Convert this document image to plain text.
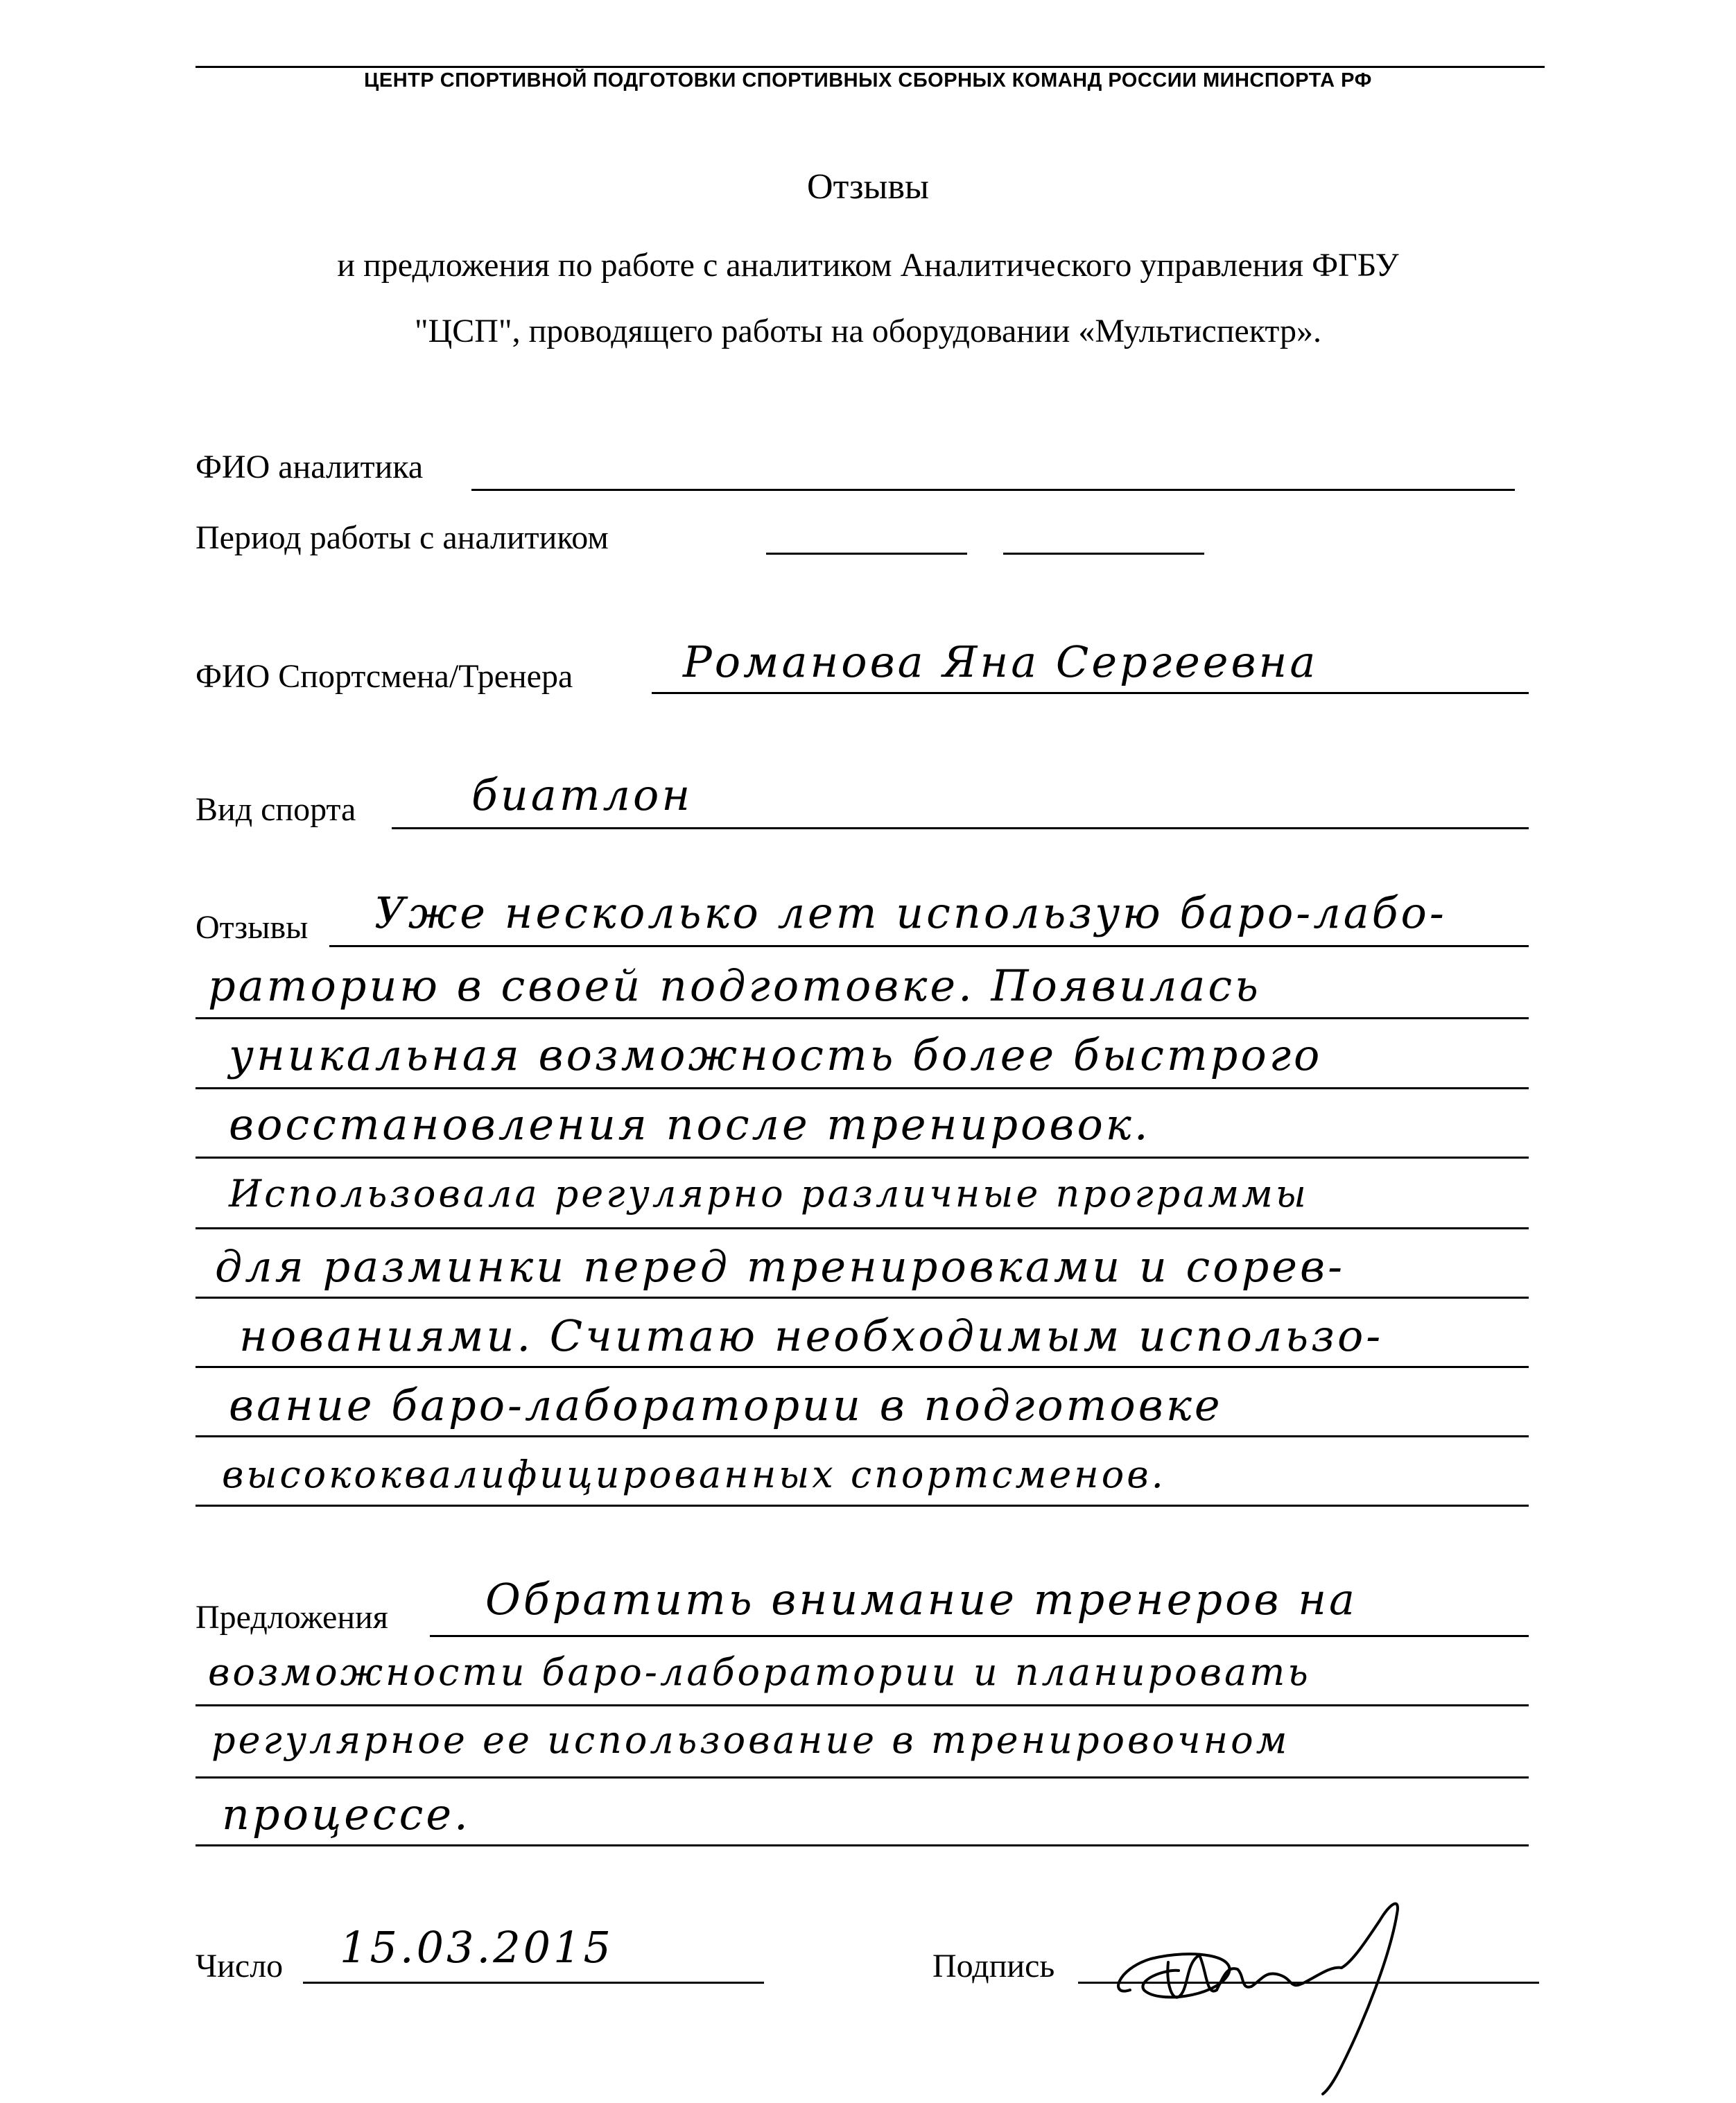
ЦЕНТР СПОРТИВНОЙ ПОДГОТОВКИ СПОРТИВНЫХ СБОРНЫХ КОМАНД РОССИИ МИНСПОРТА РФ
Отзывы
и предложения по работе с аналитиком Аналитического управления ФГБУ
"ЦСП", проводящего работы на оборудовании «Мультиспектр».
ФИО аналитика
Период работы с аналитиком
ФИО Спортсмена/Тренера	Романова Яна Сергеевна
Вид спорта	биатлон
Отзывы Уже несколько лет использую баро-лабо-
раторию в своей подготовке. Появилась
уникальная возможность более быстрого
восстановления после тренировок.
Использовала регулярно различные программы
для разминки перед тренировками и сорев-
нованиями. Считаю необходимым использо-
вание баро-лаборатории в подготовке
высококвалифицированных спортсменов.
Предложения Обратить внимание тренеров на
возможности баро-лаборатории и планировать
регулярное ее использование в тренировочном
процессе.
Число 15.03.2015	Подпись
